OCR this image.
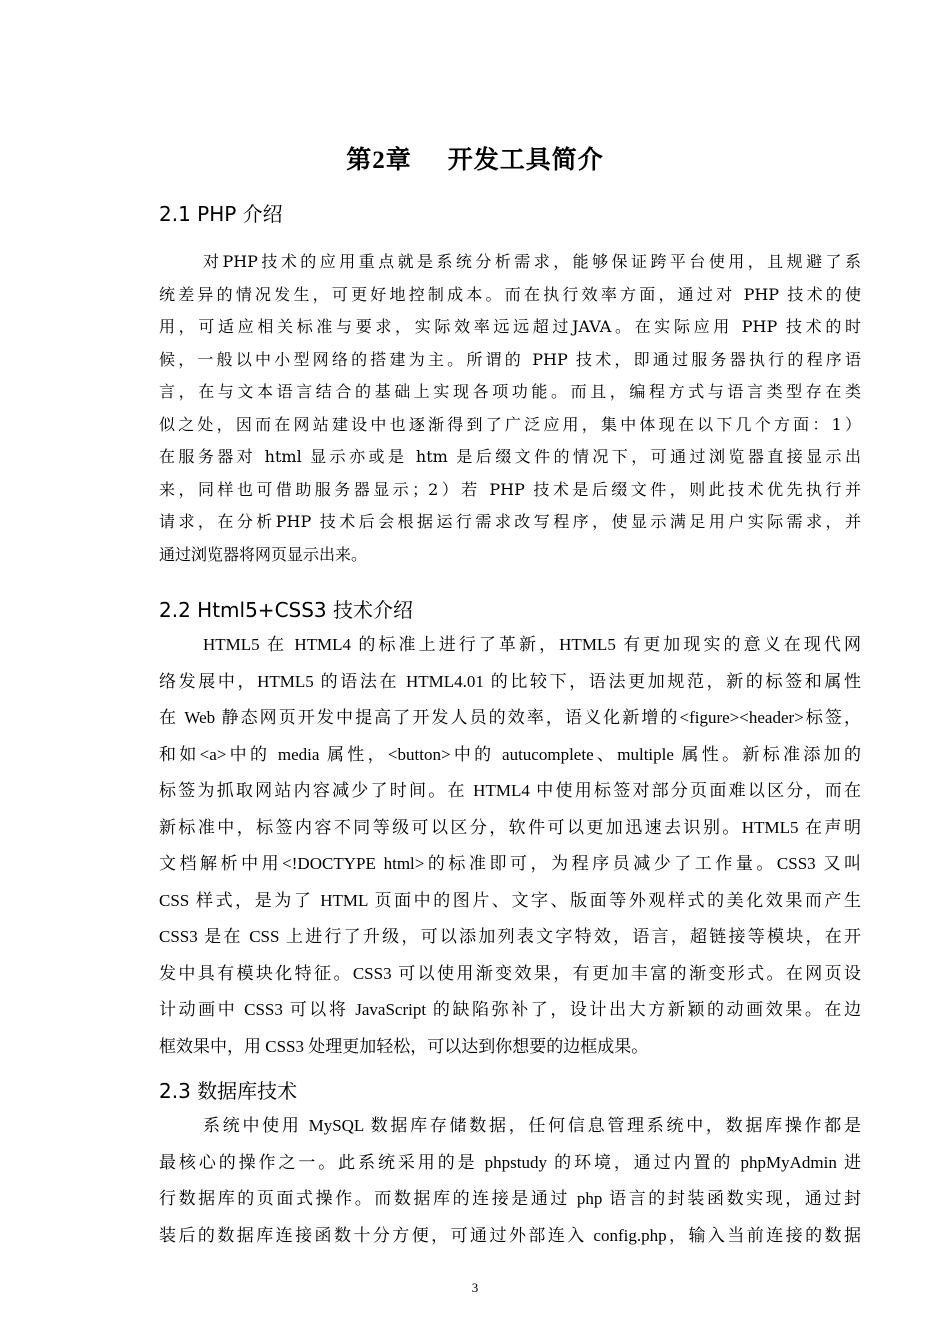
第2章 开发工具简介
2.1 PHP 介绍
对PHP技术的应用重点就是系统分析需求，能够保证跨平台使用，且规避了系
统差异的情况发生，可更好地控制成本。而在执行效率方面，通过对 PHP 技术的使
用，可适应相关标准与要求，实际效率远远超过JAVA。在实际应用 PHP 技术的时
候，一般以中小型网络的搭建为主。所谓的 PHP 技术，即通过服务器执行的程序语
言，在与文本语言结合的基础上实现各项功能。而且，编程方式与语言类型存在类
似之处，因而在网站建设中也逐渐得到了广泛应用，集中体现在以下几个方面：1）
在服务器对 html 显示亦或是 htm 是后缀文件的情况下，可通过浏览器直接显示出
来，同样也可借助服务器显示；2）若 PHP 技术是后缀文件，则此技术优先执行并
请求，在分析PHP 技术后会根据运行需求改写程序，使显示满足用户实际需求，并
通过浏览器将网页显示出来。
2.2 Html5+CSS3 技术介绍
HTML5 在 HTML4 的标准上进行了革新，HTML5 有更加现实的意义在现代网
络发展中，HTML5 的语法在 HTML4.01 的比较下，语法更加规范，新的标签和属性
在 Web 静态网页开发中提高了开发人员的效率，语义化新增的<figure><header>标签，
和如<a>中的 media 属性，<button>中的 autucomplete、multiple 属性。新标准添加的
标签为抓取网站内容减少了时间。在 HTML4 中使用标签对部分页面难以区分，而在
新标准中，标签内容不同等级可以区分，软件可以更加迅速去识别。HTML5 在声明
文档解析中用<!DOCTYPE html>的标准即可，为程序员减少了工作量。CSS3 又叫
CSS 样式，是为了 HTML 页面中的图片、文字、版面等外观样式的美化效果而产生
CSS3 是在 CSS 上进行了升级，可以添加列表文字特效，语言，超链接等模块，在开
发中具有模块化特征。CSS3 可以使用渐变效果，有更加丰富的渐变形式。在网页设
计动画中 CSS3 可以将 JavaScript 的缺陷弥补了，设计出大方新颖的动画效果。在边
框效果中，用 CSS3 处理更加轻松，可以达到你想要的边框成果。
2.3 数据库技术
系统中使用 MySQL 数据库存储数据，任何信息管理系统中，数据库操作都是
最核心的操作之一。此系统采用的是 phpstudy 的环境，通过内置的 phpMyAdmin 进
行数据库的页面式操作。而数据库的连接是通过 php 语言的封装函数实现，通过封
装后的数据库连接函数十分方便，可通过外部连入 config.php，输入当前连接的数据
3
